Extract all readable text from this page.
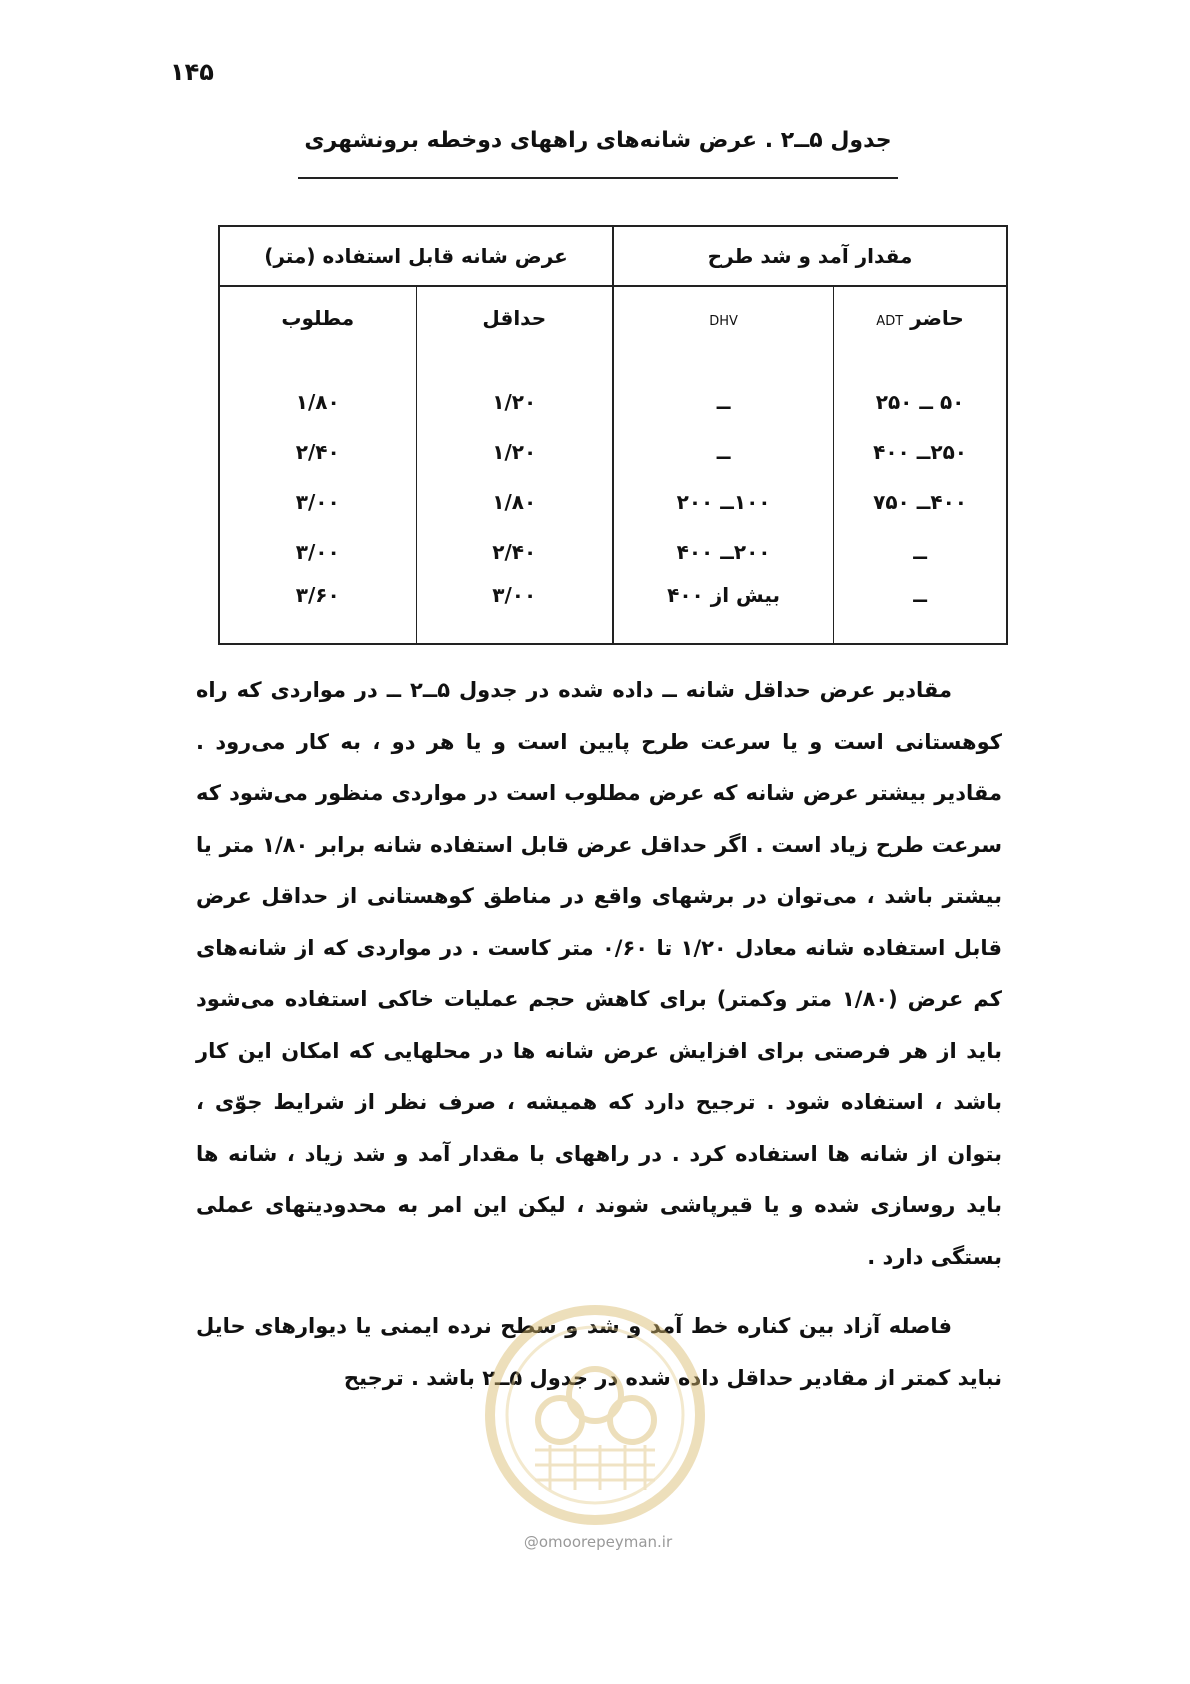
۱۴۵
جدول ۵ــ۲ . عرض شانه‌های راههای دوخطه برونشهری
مقدار آمد و شد طرح		عرض شانه قابل استفاده (متر)	
حاضر ADT	DHV	حداقل	مطلوب
۵۰ ــ ۲۵۰	ــ	۱/۲۰	۱/۸۰
۲۵۰ــ ۴۰۰	ــ	۱/۲۰	۲/۴۰
۴۰۰ــ ۷۵۰	۱۰۰ــ ۲۰۰	۱/۸۰	۳/۰۰
ــ	۲۰۰ــ ۴۰۰	۲/۴۰	۳/۰۰
ــ	بیش از ۴۰۰	۳/۰۰	۳/۶۰

مقادیر عرض حداقل شانه ــ داده شده در جدول ۵ــ۲ ــ در مواردی که راه کوهستانی است و یا سرعت طرح پایین است و یا هر دو ، به کار می‌رود . مقادیر بیشتر عرض شانه که عرض مطلوب است در مواردی منظور می‌شود که سرعت طرح زیاد است . اگر حداقل عرض قابل استفاده شانه برابر ۱/۸۰ متر یا بیشتر باشد ، می‌توان در برشهای واقع در مناطق کوهستانی از حداقل عرض قابل استفاده شانه معادل ۱/۲۰ تا ۰/۶۰ متر کاست . در مواردی که از شانه‌های کم عرض (۱/۸۰ متر وکمتر) برای کاهش حجم عملیات خاکی استفاده می‌شود باید از هر فرصتی برای افزایش عرض شانه ها در محلهایی که امکان این کار باشد ، استفاده شود . ترجیح دارد که همیشه ، صرف نظر از شرایط جوّی ، بتوان از شانه ها استفاده کرد . در راههای با مقدار آمد و شد زیاد ، شانه ها باید روسازی شده و یا قیرپاشی شوند ، لیکن این امر به محدودیتهای عملی بستگی دارد .

فاصله آزاد بین کناره خط آمد و شد و سطح نرده ایمنی یا دیوارهای حایل نباید کمتر از مقادیر حداقل داده شده در جدول ۵ــ۲ باشد . ترجیح

@omoorepeyman.ir
